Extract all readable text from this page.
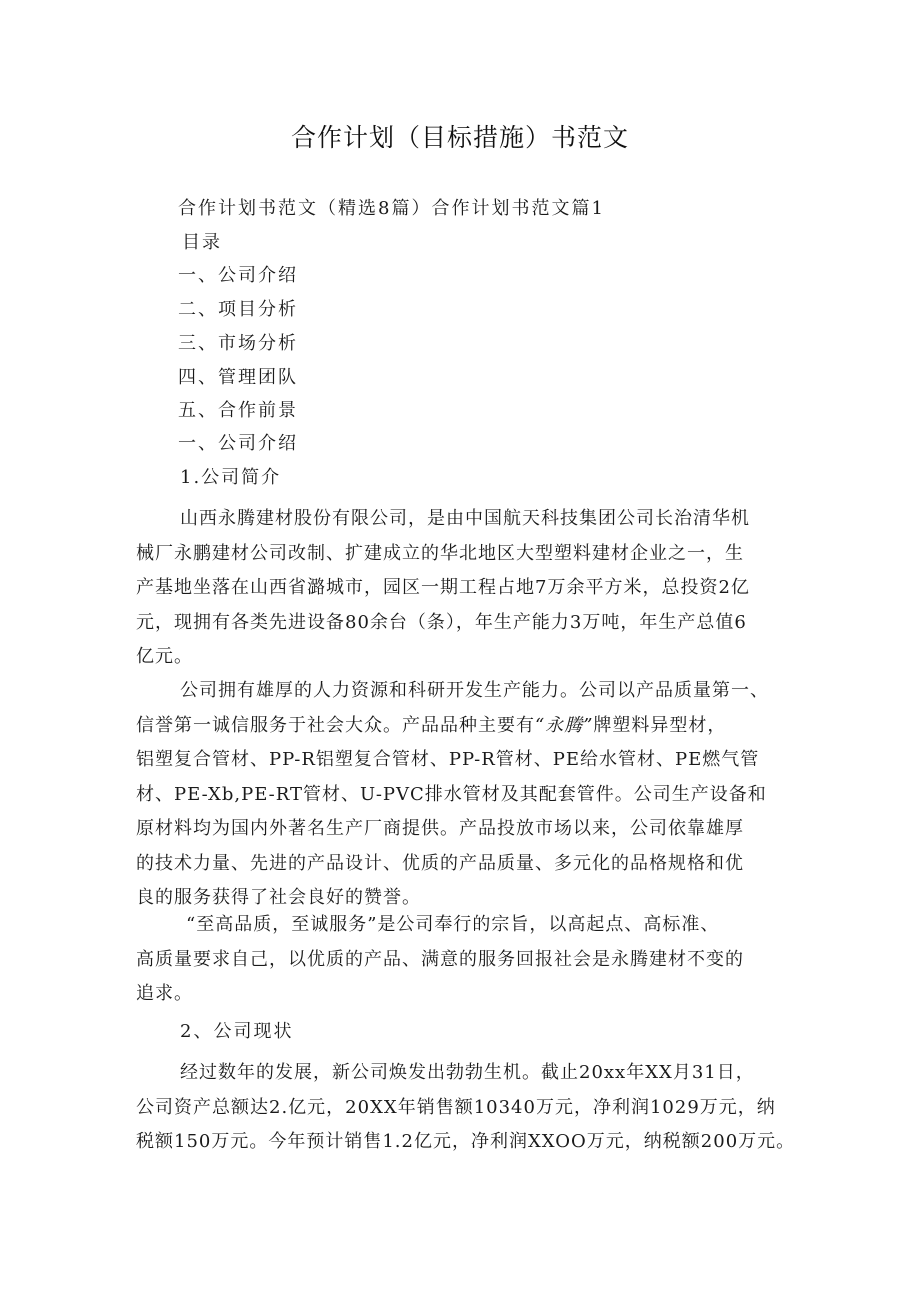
合作计划（目标措施）书范文
合作计划书范文（精选8篇）合作计划书范文篇1
目录
一、公司介绍
二、项目分析
三、市场分析
四、管理团队
五、合作前景
一、公司介绍
1.公司简介
山西永腾建材股份有限公司，是由中国航天科技集团公司长治清华机
械厂永鹏建材公司改制、扩建成立的华北地区大型塑料建材企业之一，生
产基地坐落在山西省潞城市，园区一期工程占地7万余平方米，总投资2亿
元，现拥有各类先进设备80余台（条），年生产能力3万吨，年生产总值6
亿元。
公司拥有雄厚的人力资源和科研开发生产能力。公司以产品质量第一、
信誉第一诚信服务于社会大众。产品品种主要有“永腾”牌塑料异型材，
铝塑复合管材、PP-R铝塑复合管材、PP-R管材、PE给水管材、PE燃气管
材、PE-Xb,PE-RT管材、U-PVC排水管材及其配套管件。公司生产设备和
原材料均为国内外著名生产厂商提供。产品投放市场以来，公司依靠雄厚
的技术力量、先进的产品设计、优质的产品质量、多元化的品格规格和优
良的服务获得了社会良好的赞誉。
“至高品质，至诚服务”是公司奉行的宗旨，以高起点、高标准、
高质量要求自己，以优质的产品、满意的服务回报社会是永腾建材不变的
追求。
2、公司现状
经过数年的发展，新公司焕发出勃勃生机。截止20xx年XX月31日，
公司资产总额达2.亿元，20XX年销售额10340万元，净利润1029万元，纳
税额150万元。今年预计销售1.2亿元，净利润XXOO万元，纳税额200万元。
